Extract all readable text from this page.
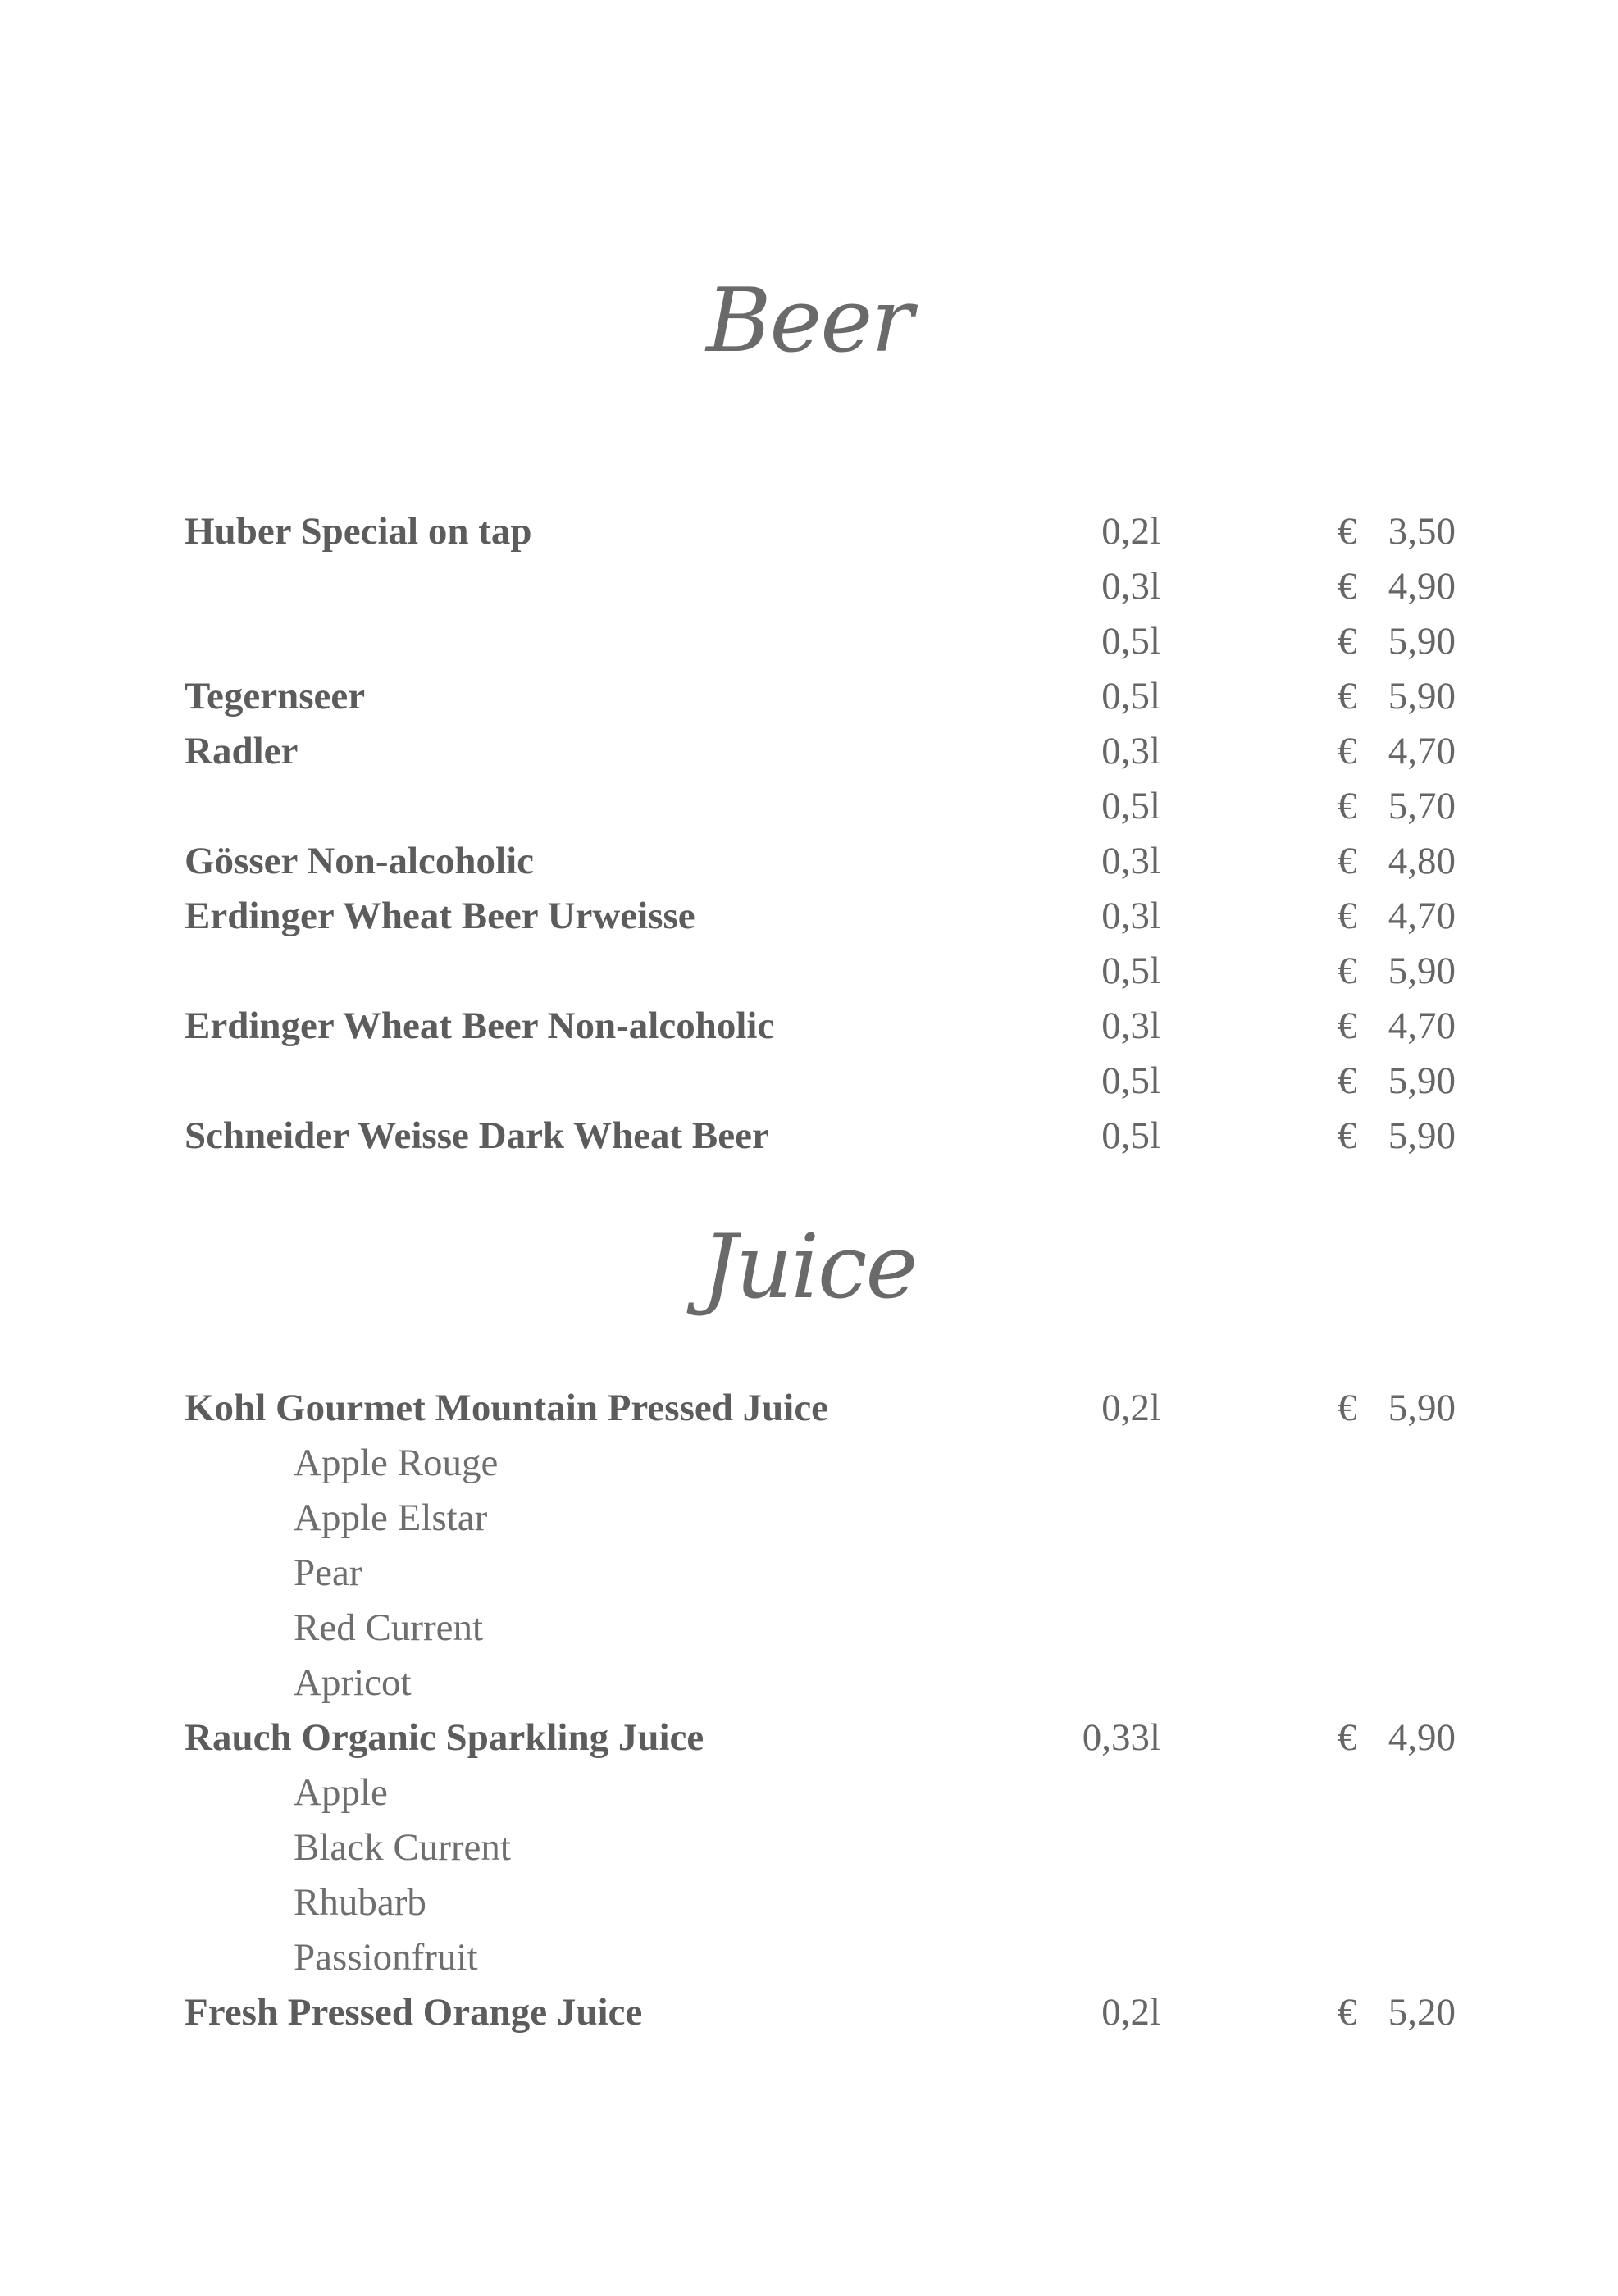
Beer
Huber Special on tap	0,2l	€ 3,50
0,3l	€ 4,90
0,5l	€ 5,90
Tegernseer	0,5l	€ 5,90
Radler	0,3l	€ 4,70
0,5l	€ 5,70
Gösser Non-alcoholic	0,3l	€ 4,80
Erdinger Wheat Beer Urweisse	0,3l	€ 4,70
0,5l	€ 5,90
Erdinger Wheat Beer Non-alcoholic	0,3l	€ 4,70
0,5l	€ 5,90
Schneider Weisse Dark Wheat Beer	0,5l	€ 5,90
Juice
Kohl Gourmet Mountain Pressed Juice	0,2l	€ 5,90
Apple Rouge
Apple Elstar
Pear
Red Current
Apricot
Rauch Organic Sparkling Juice	0,33l	€ 4,90
Apple
Black Current
Rhubarb
Passionfruit
Fresh Pressed Orange Juice	0,2l	€ 5,20
